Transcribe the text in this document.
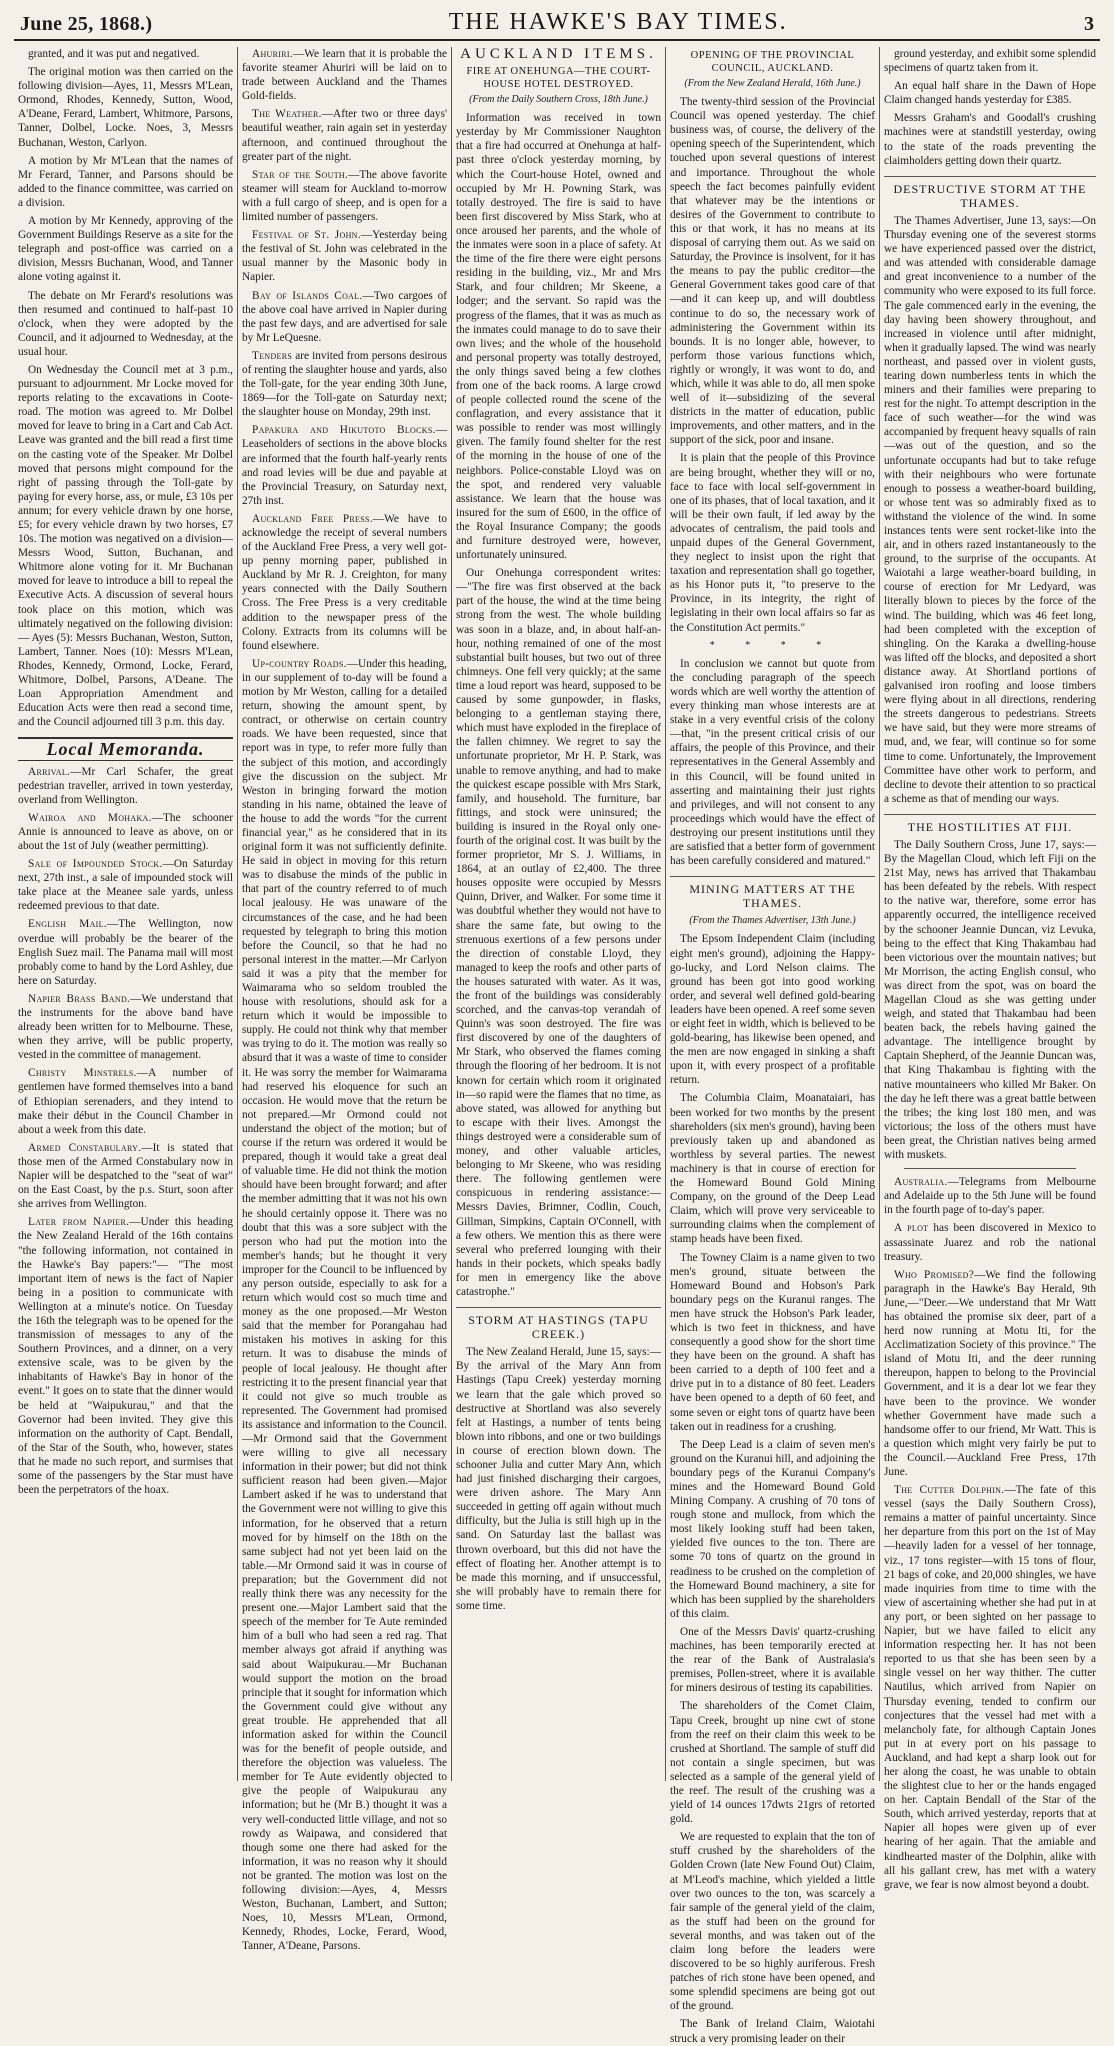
June 25, 1868.)	THE HAWKE'S BAY TIMES.	3

granted, and it was put and negatived.

The original motion was then carried on the following division—Ayes, 11, Messrs M'Lean, Ormond, Rhodes, Kennedy, Sutton, Wood, A'Deane, Ferard, Lambert, Whitmore, Parsons, Tanner, Dolbel, Locke. Noes, 3, Messrs Buchanan, Weston, Carlyon.

A motion by Mr M'Lean that the names of Mr Ferard, Tanner, and Parsons should be added to the finance committee, was carried on a division.

A motion by Mr Kennedy, approving of the Government Buildings Reserve as a site for the telegraph and post-office was carried on a division, Messrs Buchanan, Wood, and Tanner alone voting against it.

The debate on Mr Ferard's resolutions was then resumed and continued to half-past 10 o'clock, when they were adopted by the Council, and it adjourned to Wednesday, at the usual hour.

On Wednesday the Council met at 3 p.m., pursuant to adjournment. Mr Locke moved for reports relating to the excavations in Coote-road. The motion was agreed to. Mr Dolbel moved for leave to bring in a Cart and Cab Act. Leave was granted and the bill read a first time on the casting vote of the Speaker. Mr Dolbel moved that persons might compound for the right of passing through the Toll-gate by paying for every horse, ass, or mule, £3 10s per annum; for every vehicle drawn by one horse, £5; for every vehicle drawn by two horses, £7 10s. The motion was negatived on a division—Messrs Wood, Sutton, Buchanan, and Whitmore alone voting for it. Mr Buchanan moved for leave to introduce a bill to repeal the Executive Acts. A discussion of several hours took place on this motion, which was ultimately negatived on the following division:— Ayes (5): Messrs Buchanan, Weston, Sutton, Lambert, Tanner. Noes (10): Messrs M'Lean, Rhodes, Kennedy, Ormond, Locke, Ferard, Whitmore, Dolbel, Parsons, A'Deane. The Loan Appropriation Amendment and Education Acts were then read a second time, and the Council adjourned till 3 p.m. this day.

Local Memoranda.

Arrival.—Mr Carl Schafer, the great pedestrian traveller, arrived in town yesterday, overland from Wellington.

Wairoa and Mohaka.—The schooner Annie is announced to leave as above, on or about the 1st of July (weather permitting).

Sale of Impounded Stock.—On Saturday next, 27th inst., a sale of impounded stock will take place at the Meanee sale yards, unless redeemed previous to that date.

English Mail.—The Wellington, now overdue will probably be the bearer of the English Suez mail. The Panama mail will most probably come to hand by the Lord Ashley, due here on Saturday.

Napier Brass Band.—We understand that the instruments for the above band have already been written for to Melbourne. These, when they arrive, will be public property, vested in the committee of management.

Christy Minstrels.—A number of gentlemen have formed themselves into a band of Ethiopian serenaders, and they intend to make their début in the Council Chamber in about a week from this date.

Armed Constabulary.—It is stated that those men of the Armed Constabulary now in Napier will be despatched to the "seat of war" on the East Coast, by the p.s. Sturt, soon after she arrives from Wellington.

Later from Napier.—Under this heading the New Zealand Herald of the 16th contains "the following information, not contained in the Hawke's Bay papers:"— "The most important item of news is the fact of Napier being in a position to communicate with Wellington at a minute's notice. On Tuesday the 16th the telegraph was to be opened for the transmission of messages to any of the Southern Provinces, and a dinner, on a very extensive scale, was to be given by the inhabitants of Hawke's Bay in honor of the event." It goes on to state that the dinner would be held at "Waipukurau," and that the Governor had been invited. They give this information on the authority of Capt. Bendall, of the Star of the South, who, however, states that he made no such report, and surmises that some of the passengers by the Star must have been the perpetrators of the hoax.

Ahuriri.—We learn that it is probable the favorite steamer Ahuriri will be laid on to trade between Auckland and the Thames Gold-fields.

The Weather.—After two or three days' beautiful weather, rain again set in yesterday afternoon, and continued throughout the greater part of the night.

Star of the South.—The above favorite steamer will steam for Auckland to-morrow with a full cargo of sheep, and is open for a limited number of passengers.

Festival of St. John.—Yesterday being the festival of St. John was celebrated in the usual manner by the Masonic body in Napier.

Bay of Islands Coal.—Two cargoes of the above coal have arrived in Napier during the past few days, and are advertised for sale by Mr LeQuesne.

Tenders are invited from persons desirous of renting the slaughter house and yards, also the Toll-gate, for the year ending 30th June, 1869—for the Toll-gate on Saturday next; the slaughter house on Monday, 29th inst.

Papakura and Hikutoto Blocks.—Leaseholders of sections in the above blocks are informed that the fourth half-yearly rents and road levies will be due and payable at the Provincial Treasury, on Saturday next, 27th inst.

Auckland Free Press.—We have to acknowledge the receipt of several numbers of the Auckland Free Press, a very well got-up penny morning paper, published in Auckland by Mr R. J. Creighton, for many years connected with the Daily Southern Cross. The Free Press is a very creditable addition to the newspaper press of the Colony. Extracts from its columns will be found elsewhere.

Up-country Roads.—Under this heading, in our supplement of to-day will be found a motion by Mr Weston, calling for a detailed return, showing the amount spent, by contract, or otherwise on certain country roads. We have been requested, since that report was in type, to refer more fully than the subject of this motion, and accordingly give the discussion on the subject. Mr Weston in bringing forward the motion standing in his name, obtained the leave of the house to add the words "for the current financial year," as he considered that in its original form it was not sufficiently definite. He said in object in moving for this return was to disabuse the minds of the public in that part of the country referred to of much local jealousy. He was unaware of the circumstances of the case, and he had been requested by telegraph to bring this motion before the Council, so that he had no personal interest in the matter.—Mr Carlyon said it was a pity that the member for Waimarama who so seldom troubled the house with resolutions, should ask for a return which it would be impossible to supply. He could not think why that member was trying to do it. The motion was really so absurd that it was a waste of time to consider it. He was sorry the member for Waimarama had reserved his eloquence for such an occasion. He would move that the return be not prepared.—Mr Ormond could not understand the object of the motion; but of course if the return was ordered it would be prepared, though it would take a great deal of valuable time. He did not think the motion should have been brought forward; and after the member admitting that it was not his own he should certainly oppose it. There was no doubt that this was a sore subject with the person who had put the motion into the member's hands; but he thought it very improper for the Council to be influenced by any person outside, especially to ask for a return which would cost so much time and money as the one proposed.—Mr Weston said that the member for Porangahau had mistaken his motives in asking for this return. It was to disabuse the minds of people of local jealousy. He thought after restricting it to the present financial year that it could not give so much trouble as represented. The Government had promised its assistance and information to the Council.—Mr Ormond said that the Government were willing to give all necessary information in their power; but did not think sufficient reason had been given.—Major Lambert asked if he was to understand that the Government were not willing to give this information, for he observed that a return moved for by himself on the 18th on the same subject had not yet been laid on the table.—Mr Ormond said it was in course of preparation; but the Government did not really think there was any necessity for the present one.—Major Lambert said that the speech of the member for Te Aute reminded him of a bull who had seen a red rag. That member always got afraid if anything was said about Waipukurau.—Mr Buchanan would support the motion on the broad principle that it sought for information which the Government could give without any great trouble. He apprehended that all information asked for within the Council was for the benefit of people outside, and therefore the objection was valueless. The member for Te Aute evidently objected to give the people of Waipukurau any information; but he (Mr B.) thought it was a very well-conducted little village, and not so rowdy as Waipawa, and considered that though some one there had asked for the information, it was no reason why it should not be granted. The motion was lost on the following division:—Ayes, 4, Messrs Weston, Buchanan, Lambert, and Sutton; Noes, 10, Messrs M'Lean, Ormond, Kennedy, Rhodes, Locke, Ferard, Wood, Tanner, A'Deane, Parsons.

AUCKLAND ITEMS.
FIRE AT ONEHUNGA—THE COURT-HOUSE HOTEL DESTROYED.
(From the Daily Southern Cross, 18th June.)

Information was received in town yesterday by Mr Commissioner Naughton that a fire had occurred at Onehunga at half-past three o'clock yesterday morning, by which the Court-house Hotel, owned and occupied by Mr H. Powning Stark, was totally destroyed. The fire is said to have been first discovered by Miss Stark, who at once aroused her parents, and the whole of the inmates were soon in a place of safety. At the time of the fire there were eight persons residing in the building, viz., Mr and Mrs Stark, and four children; Mr Skeene, a lodger; and the servant. So rapid was the progress of the flames, that it was as much as the inmates could manage to do to save their own lives; and the whole of the household and personal property was totally destroyed, the only things saved being a few clothes from one of the back rooms. A large crowd of people collected round the scene of the conflagration, and every assistance that it was possible to render was most willingly given. The family found shelter for the rest of the morning in the house of one of the neighbors. Police-constable Lloyd was on the spot, and rendered very valuable assistance. We learn that the house was insured for the sum of £600, in the office of the Royal Insurance Company; the goods and furniture destroyed were, however, unfortunately uninsured.

Our Onehunga correspondent writes:—"The fire was first observed at the back part of the house, the wind at the time being strong from the west. The whole building was soon in a blaze, and, in about half-an-hour, nothing remained of one of the most substantial built houses, but two out of three chimneys. One fell very quickly; at the same time a loud report was heard, supposed to be caused by some gunpowder, in flasks, belonging to a gentleman staying there, which must have exploded in the fireplace of the fallen chimney. We regret to say the unfortunate proprietor, Mr H. P. Stark, was unable to remove anything, and had to make the quickest escape possible with Mrs Stark, family, and household. The furniture, bar fittings, and stock were uninsured; the building is insured in the Royal only one-fourth of the original cost. It was built by the former proprietor, Mr S. J. Williams, in 1864, at an outlay of £2,400. The three houses opposite were occupied by Messrs Quinn, Driver, and Walker. For some time it was doubtful whether they would not have to share the same fate, but owing to the strenuous exertions of a few persons under the direction of constable Lloyd, they managed to keep the roofs and other parts of the houses saturated with water. As it was, the front of the buildings was considerably scorched, and the canvas-top verandah of Quinn's was soon destroyed. The fire was first discovered by one of the daughters of Mr Stark, who observed the flames coming through the flooring of her bedroom. It is not known for certain which room it originated in—so rapid were the flames that no time, as above stated, was allowed for anything but to escape with their lives. Amongst the things destroyed were a considerable sum of money, and other valuable articles, belonging to Mr Skeene, who was residing there. The following gentlemen were conspicuous in rendering assistance:—Messrs Davies, Brimner, Codlin, Couch, Gillman, Simpkins, Captain O'Connell, with a few others. We mention this as there were several who preferred lounging with their hands in their pockets, which speaks badly for men in emergency like the above catastrophe."

STORM AT HASTINGS (TAPU CREEK.)

The New Zealand Herald, June 15, says:—By the arrival of the Mary Ann from Hastings (Tapu Creek) yesterday morning we learn that the gale which proved so destructive at Shortland was also severely felt at Hastings, a number of tents being blown into ribbons, and one or two buildings in course of erection blown down. The schooner Julia and cutter Mary Ann, which had just finished discharging their cargoes, were driven ashore. The Mary Ann succeeded in getting off again without much difficulty, but the Julia is still high up in the sand. On Saturday last the ballast was thrown overboard, but this did not have the effect of floating her. Another attempt is to be made this morning, and if unsuccessful, she will probably have to remain there for some time.

OPENING OF THE PROVINCIAL COUNCIL, AUCKLAND.
(From the New Zealand Herald, 16th June.)

The twenty-third session of the Provincial Council was opened yesterday. The chief business was, of course, the delivery of the opening speech of the Superintendent, which touched upon several questions of interest and importance. Throughout the whole speech the fact becomes painfully evident that whatever may be the intentions or desires of the Government to contribute to this or that work, it has no means at its disposal of carrying them out. As we said on Saturday, the Province is insolvent, for it has the means to pay the public creditor—the General Government takes good care of that—and it can keep up, and will doubtless continue to do so, the necessary work of administering the Government within its bounds. It is no longer able, however, to perform those various functions which, rightly or wrongly, it was wont to do, and which, while it was able to do, all men spoke well of it—subsidizing of the several districts in the matter of education, public improvements, and other matters, and in the support of the sick, poor and insane.

It is plain that the people of this Province are being brought, whether they will or no, face to face with local self-government in one of its phases, that of local taxation, and it will be their own fault, if led away by the advocates of centralism, the paid tools and unpaid dupes of the General Government, they neglect to insist upon the right that taxation and representation shall go together, as his Honor puts it, "to preserve to the Province, in its integrity, the right of legislating in their own local affairs so far as the Constitution Act permits."

* * * *

In conclusion we cannot but quote from the concluding paragraph of the speech words which are well worthy the attention of every thinking man whose interests are at stake in a very eventful crisis of the colony—that, "in the present critical crisis of our affairs, the people of this Province, and their representatives in the General Assembly and in this Council, will be found united in asserting and maintaining their just rights and privileges, and will not consent to any proceedings which would have the effect of destroying our present institutions until they are satisfied that a better form of government has been carefully considered and matured."

MINING MATTERS AT THE THAMES.
(From the Thames Advertiser, 13th June.)

The Epsom Independent Claim (including eight men's ground), adjoining the Happy-go-lucky, and Lord Nelson claims. The ground has been got into good working order, and several well defined gold-bearing leaders have been opened. A reef some seven or eight feet in width, which is believed to be gold-bearing, has likewise been opened, and the men are now engaged in sinking a shaft upon it, with every prospect of a profitable return.

The Columbia Claim, Moanataiari, has been worked for two months by the present shareholders (six men's ground), having been previously taken up and abandoned as worthless by several parties. The newest machinery is that in course of erection for the Homeward Bound Gold Mining Company, on the ground of the Deep Lead Claim, which will prove very serviceable to surrounding claims when the complement of stamp heads have been fixed.

The Towney Claim is a name given to two men's ground, situate between the Homeward Bound and Hobson's Park boundary pegs on the Kuranui ranges. The men have struck the Hobson's Park leader, which is two feet in thickness, and have consequently a good show for the short time they have been on the ground. A shaft has been carried to a depth of 100 feet and a drive put in to a distance of 80 feet. Leaders have been opened to a depth of 60 feet, and some seven or eight tons of quartz have been taken out in readiness for a crushing.

The Deep Lead is a claim of seven men's ground on the Kuranui hill, and adjoining the boundary pegs of the Kuranui Company's mines and the Homeward Bound Gold Mining Company. A crushing of 70 tons of rough stone and mullock, from which the most likely looking stuff had been taken, yielded five ounces to the ton. There are some 70 tons of quartz on the ground in readiness to be crushed on the completion of the Homeward Bound machinery, a site for which has been supplied by the shareholders of this claim.

One of the Messrs Davis' quartz-crushing machines, has been temporarily erected at the rear of the Bank of Australasia's premises, Pollen-street, where it is available for miners desirous of testing its capabilities.

The shareholders of the Comet Claim, Tapu Creek, brought up nine cwt of stone from the reef on their claim this week to be crushed at Shortland. The sample of stuff did not contain a single specimen, but was selected as a sample of the general yield of the reef. The result of the crushing was a yield of 14 ounces 17dwts 21grs of retorted gold.

We are requested to explain that the ton of stuff crushed by the shareholders of the Golden Crown (late New Found Out) Claim, at M'Leod's machine, which yielded a little over two ounces to the ton, was scarcely a fair sample of the general yield of the claim, as the stuff had been on the ground for several months, and was taken out of the claim long before the leaders were discovered to be so highly auriferous. Fresh patches of rich stone have been opened, and some splendid specimens are being got out of the ground.

The Bank of Ireland Claim, Waiotahi struck a very promising leader on their

ground yesterday, and exhibit some splendid specimens of quartz taken from it.

An equal half share in the Dawn of Hope Claim changed hands yesterday for £385.

Messrs Graham's and Goodall's crushing machines were at standstill yesterday, owing to the state of the roads preventing the claimholders getting down their quartz.

DESTRUCTIVE STORM AT THE THAMES.

The Thames Advertiser, June 13, says:—On Thursday evening one of the severest storms we have experienced passed over the district, and was attended with considerable damage and great inconvenience to a number of the community who were exposed to its full force. The gale commenced early in the evening, the day having been showery throughout, and increased in violence until after midnight, when it gradually lapsed. The wind was nearly northeast, and passed over in violent gusts, tearing down numberless tents in which the miners and their families were preparing to rest for the night. To attempt description in the face of such weather—for the wind was accompanied by frequent heavy squalls of rain—was out of the question, and so the unfortunate occupants had but to take refuge with their neighbours who were fortunate enough to possess a weather-board building, or whose tent was so admirably fixed as to withstand the violence of the wind. In some instances tents were sent rocket-like into the air, and in others razed instantaneously to the ground, to the surprise of the occupants. At Waiotahi a large weather-board building, in course of erection for Mr Ledyard, was literally blown to pieces by the force of the wind. The building, which was 46 feet long, had been completed with the exception of shingling. On the Karaka a dwelling-house was lifted off the blocks, and deposited a short distance away. At Shortland portions of galvanised iron roofing and loose timbers were flying about in all directions, rendering the streets dangerous to pedestrians. Streets we have said, but they were more streams of mud, and, we fear, will continue so for some time to come. Unfortunately, the Improvement Committee have other work to perform, and decline to devote their attention to so practical a scheme as that of mending our ways.

THE HOSTILITIES AT FIJI.

The Daily Southern Cross, June 17, says:—By the Magellan Cloud, which left Fiji on the 21st May, news has arrived that Thakambau has been defeated by the rebels. With respect to the native war, therefore, some error has apparently occurred, the intelligence received by the schooner Jeannie Duncan, viz Levuka, being to the effect that King Thakambau had been victorious over the mountain natives; but Mr Morrison, the acting English consul, who was direct from the spot, was on board the Magellan Cloud as she was getting under weigh, and stated that Thakambau had been beaten back, the rebels having gained the advantage. The intelligence brought by Captain Shepherd, of the Jeannie Duncan was, that King Thakambau is fighting with the native mountaineers who killed Mr Baker. On the day he left there was a great battle between the tribes; the king lost 180 men, and was victorious; the loss of the others must have been great, the Christian natives being armed with muskets.

Australia.—Telegrams from Melbourne and Adelaide up to the 5th June will be found in the fourth page of to-day's paper.

A plot has been discovered in Mexico to assassinate Juarez and rob the national treasury.

Who Promised?—We find the following paragraph in the Hawke's Bay Herald, 9th June,—"Deer.—We understand that Mr Watt has obtained the promise six deer, part of a herd now running at Motu Iti, for the Acclimatization Society of this province." The island of Motu Iti, and the deer running thereupon, happen to belong to the Provincial Government, and it is a dear lot we fear they have been to the province. We wonder whether Government have made such a handsome offer to our friend, Mr Watt. This is a question which might very fairly be put to the Council.—Auckland Free Press, 17th June.

The Cutter Dolphin.—The fate of this vessel (says the Daily Southern Cross), remains a matter of painful uncertainty. Since her departure from this port on the 1st of May—heavily laden for a vessel of her tonnage, viz., 17 tons register—with 15 tons of flour, 21 bags of coke, and 20,000 shingles, we have made inquiries from time to time with the view of ascertaining whether she had put in at any port, or been sighted on her passage to Napier, but we have failed to elicit any information respecting her. It has not been reported to us that she has been seen by a single vessel on her way thither. The cutter Nautilus, which arrived from Napier on Thursday evening, tended to confirm our conjectures that the vessel had met with a melancholy fate, for although Captain Jones put in at every port on his passage to Auckland, and had kept a sharp look out for her along the coast, he was unable to obtain the slightest clue to her or the hands engaged on her. Captain Bendall of the Star of the South, which arrived yesterday, reports that at Napier all hopes were given up of ever hearing of her again. That the amiable and kindhearted master of the Dolphin, alike with all his gallant crew, has met with a watery grave, we fear is now almost beyond a doubt.
